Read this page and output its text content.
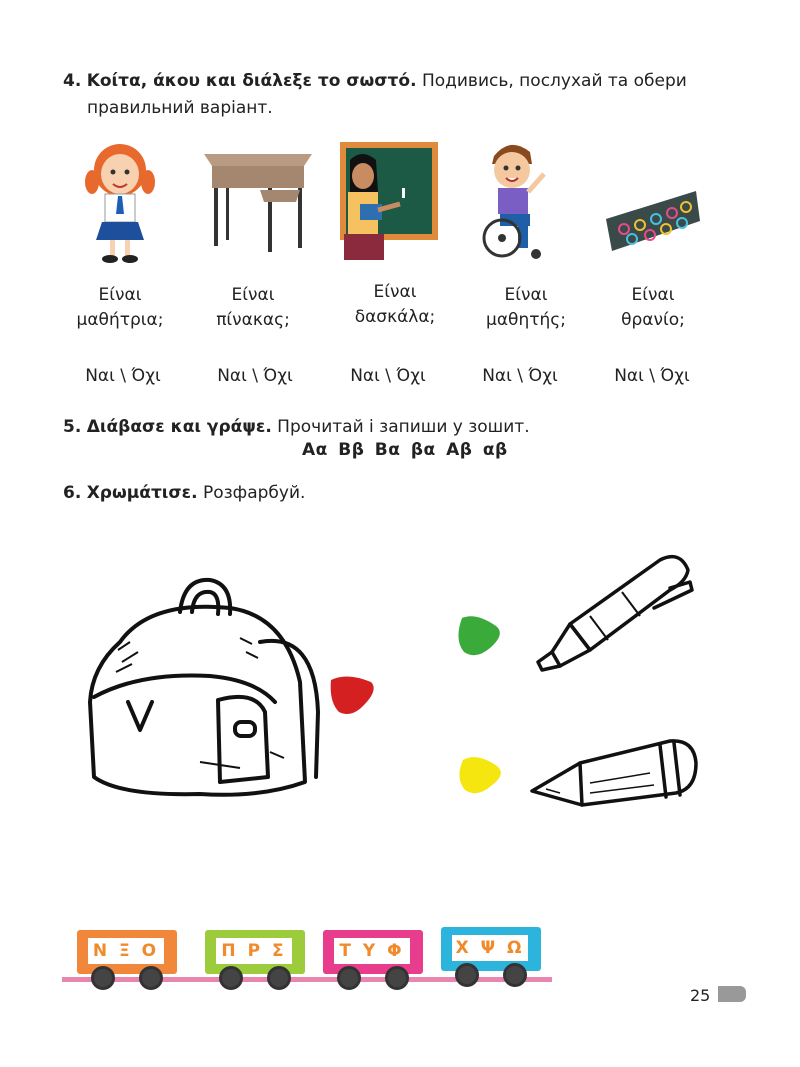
4. Κοίτα, άκου και διάλεξε το σωστό. Подивись, послухай та обери
правильний варіант.
Είναι
μαθήτρια;
Είναι
πίνακας;
Είναι
δασκάλα;
Είναι
μαθητής;
Είναι
θρανίο;
Ναι \ Όχι	Ναι \ Όχι	Ναι \ Όχι	Ναι \ Όχι	Ναι \ Όχι
5. Διάβασε και γράψε. Прочитай і запиши у зошит.
Αα Ββ Βα βα Αβ αβ
6. Χρωμάτισε. Розфарбуй.
Ν Ξ Ο	Π Ρ Σ	Τ Υ Φ	Χ Ψ Ω
25
